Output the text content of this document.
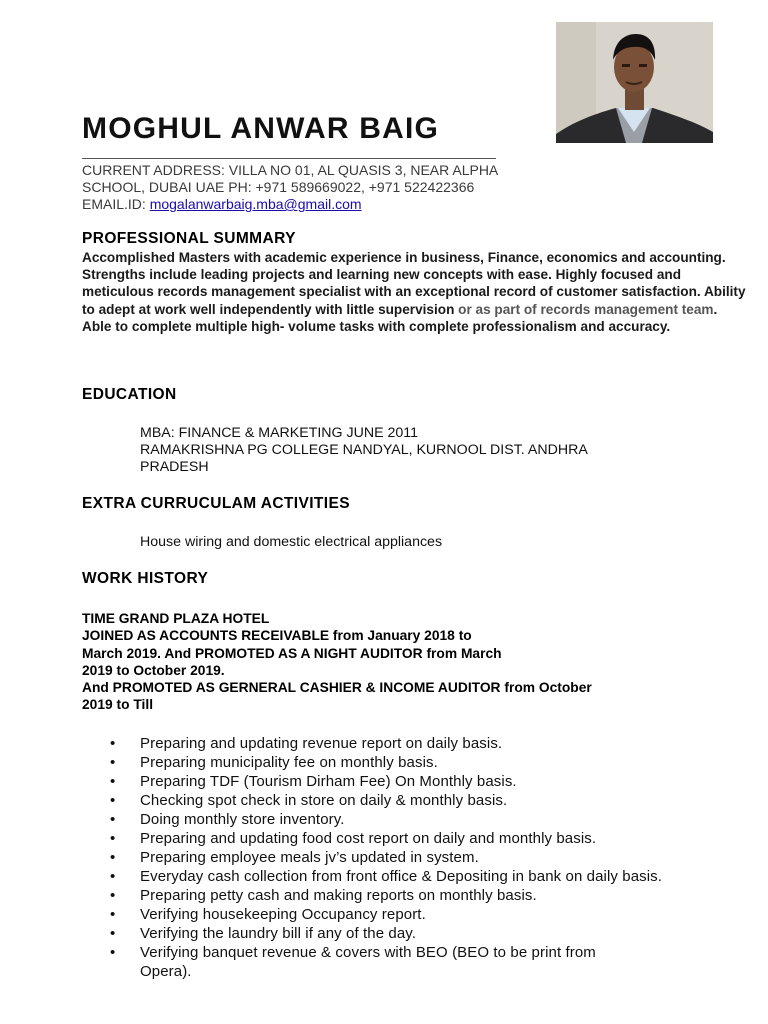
MOGHUL ANWAR BAIG
CURRENT ADDRESS: VILLA NO 01, AL QUASIS 3, NEAR ALPHA
SCHOOL, DUBAI UAE PH: +971 589669022, +971 522422366
EMAIL.ID: mogalanwarbaig.mba@gmail.com
PROFESSIONAL SUMMARY
Accomplished Masters with academic experience in business, Finance, economics and accounting. Strengths include leading projects and learning new concepts with ease. Highly focused and meticulous records management specialist with an exceptional record of customer satisfaction. Ability to adept at work well independently with little supervision or as part of records management team. Able to complete multiple high- volume tasks with complete professionalism and accuracy.
EDUCATION
MBA: FINANCE & MARKETING JUNE 2011
RAMAKRISHNA PG COLLEGE NANDYAL, KURNOOL DIST. ANDHRA
PRADESH
EXTRA CURRUCULAM ACTIVITIES
House wiring and domestic electrical appliances
WORK HISTORY
TIME GRAND PLAZA HOTEL
JOINED AS ACCOUNTS RECEIVABLE from January 2018 to
March 2019. And PROMOTED AS A NIGHT AUDITOR from March
2019 to October 2019.
And PROMOTED AS GERNERAL CASHIER & INCOME AUDITOR from October
2019 to Till
• Preparing and updating revenue report on daily basis.
• Preparing municipality fee on monthly basis.
• Preparing TDF (Tourism Dirham Fee) On Monthly basis.
• Checking spot check in store on daily & monthly basis.
• Doing monthly store inventory.
• Preparing and updating food cost report on daily and monthly basis.
• Preparing employee meals jv’s updated in system.
• Everyday cash collection from front office & Depositing in bank on daily basis.
• Preparing petty cash and making reports on monthly basis.
• Verifying housekeeping Occupancy report.
• Verifying the laundry bill if any of the day.
• Verifying banquet revenue & covers with BEO (BEO to be print from Opera).
